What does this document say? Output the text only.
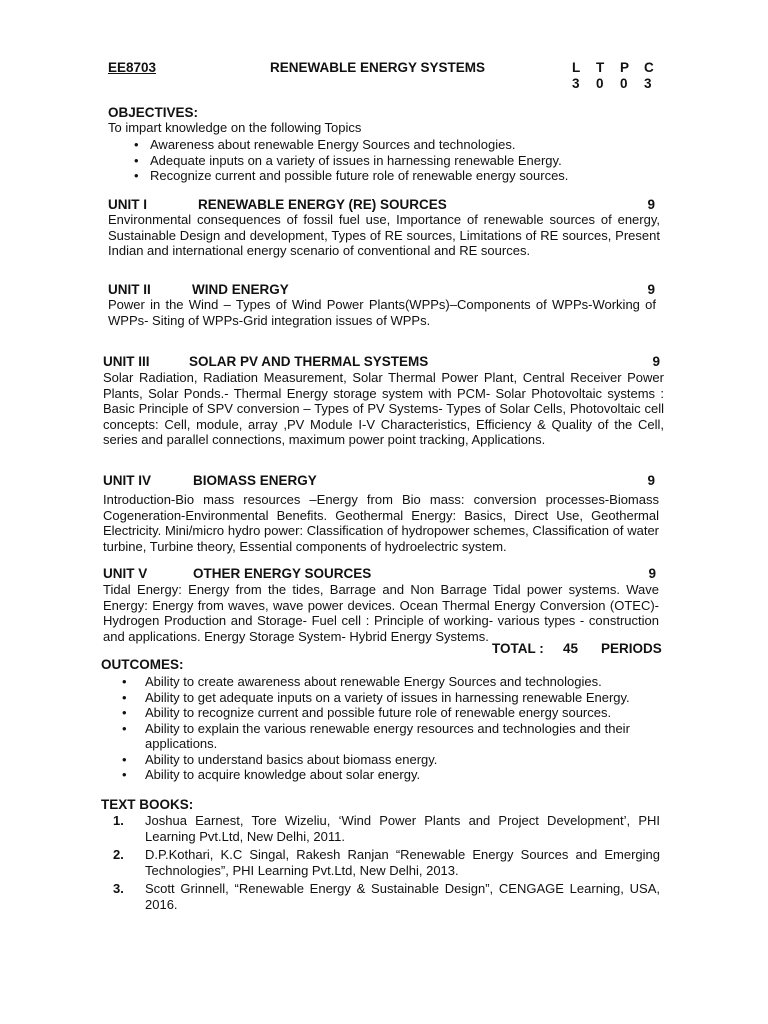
EE8703	RENEWABLE ENERGY SYSTEMS	L	T	P	C
3	0	0	3
OBJECTIVES:
To impart knowledge on the following Topics
• Awareness about renewable Energy Sources and technologies.
• Adequate inputs on a variety of issues in harnessing renewable Energy.
• Recognize current and possible future role of renewable energy sources.
UNIT I	RENEWABLE ENERGY (RE) SOURCES	9
Environmental consequences of fossil fuel use, Importance of renewable sources of energy, Sustainable Design and development, Types of RE sources, Limitations of RE sources, Present Indian and international energy scenario of conventional and RE sources.
UNIT II	WIND ENERGY	9
Power in the Wind – Types of Wind Power Plants(WPPs)–Components of WPPs-Working of WPPs- Siting of WPPs-Grid integration issues of WPPs.
UNIT III	SOLAR PV AND THERMAL SYSTEMS	9
Solar Radiation, Radiation Measurement, Solar Thermal Power Plant, Central Receiver Power Plants, Solar Ponds.- Thermal Energy storage system with PCM- Solar Photovoltaic systems : Basic Principle of SPV conversion – Types of PV Systems- Types of Solar Cells, Photovoltaic cell concepts: Cell, module, array ,PV Module I-V Characteristics, Efficiency & Quality of the Cell, series and parallel connections, maximum power point tracking, Applications.
UNIT IV	BIOMASS ENERGY	9
Introduction-Bio mass resources –Energy from Bio mass: conversion processes-Biomass Cogeneration-Environmental Benefits. Geothermal Energy: Basics, Direct Use, Geothermal Electricity. Mini/micro hydro power: Classification of hydropower schemes, Classification of water turbine, Turbine theory, Essential components of hydroelectric system.
UNIT V	OTHER ENERGY SOURCES	9
Tidal Energy: Energy from the tides, Barrage and Non Barrage Tidal power systems. Wave Energy: Energy from waves, wave power devices. Ocean Thermal Energy Conversion (OTEC)- Hydrogen Production and Storage- Fuel cell : Principle of working- various types - construction and applications. Energy Storage System- Hybrid Energy Systems.
TOTAL : 45 PERIODS
OUTCOMES:
• Ability to create awareness about renewable Energy Sources and technologies.
• Ability to get adequate inputs on a variety of issues in harnessing renewable Energy.
• Ability to recognize current and possible future role of renewable energy sources.
• Ability to explain the various renewable energy resources and technologies and their applications.
• Ability to understand basics about biomass energy.
• Ability to acquire knowledge about solar energy.
TEXT BOOKS:
1.	Joshua Earnest, Tore Wizeliu, ‘Wind Power Plants and Project Development’, PHI Learning Pvt.Ltd, New Delhi, 2011.
2.	D.P.Kothari, K.C Singal, Rakesh Ranjan “Renewable Energy Sources and Emerging Technologies”, PHI Learning Pvt.Ltd, New Delhi, 2013.
3.	Scott Grinnell, “Renewable Energy & Sustainable Design”, CENGAGE Learning, USA, 2016.
